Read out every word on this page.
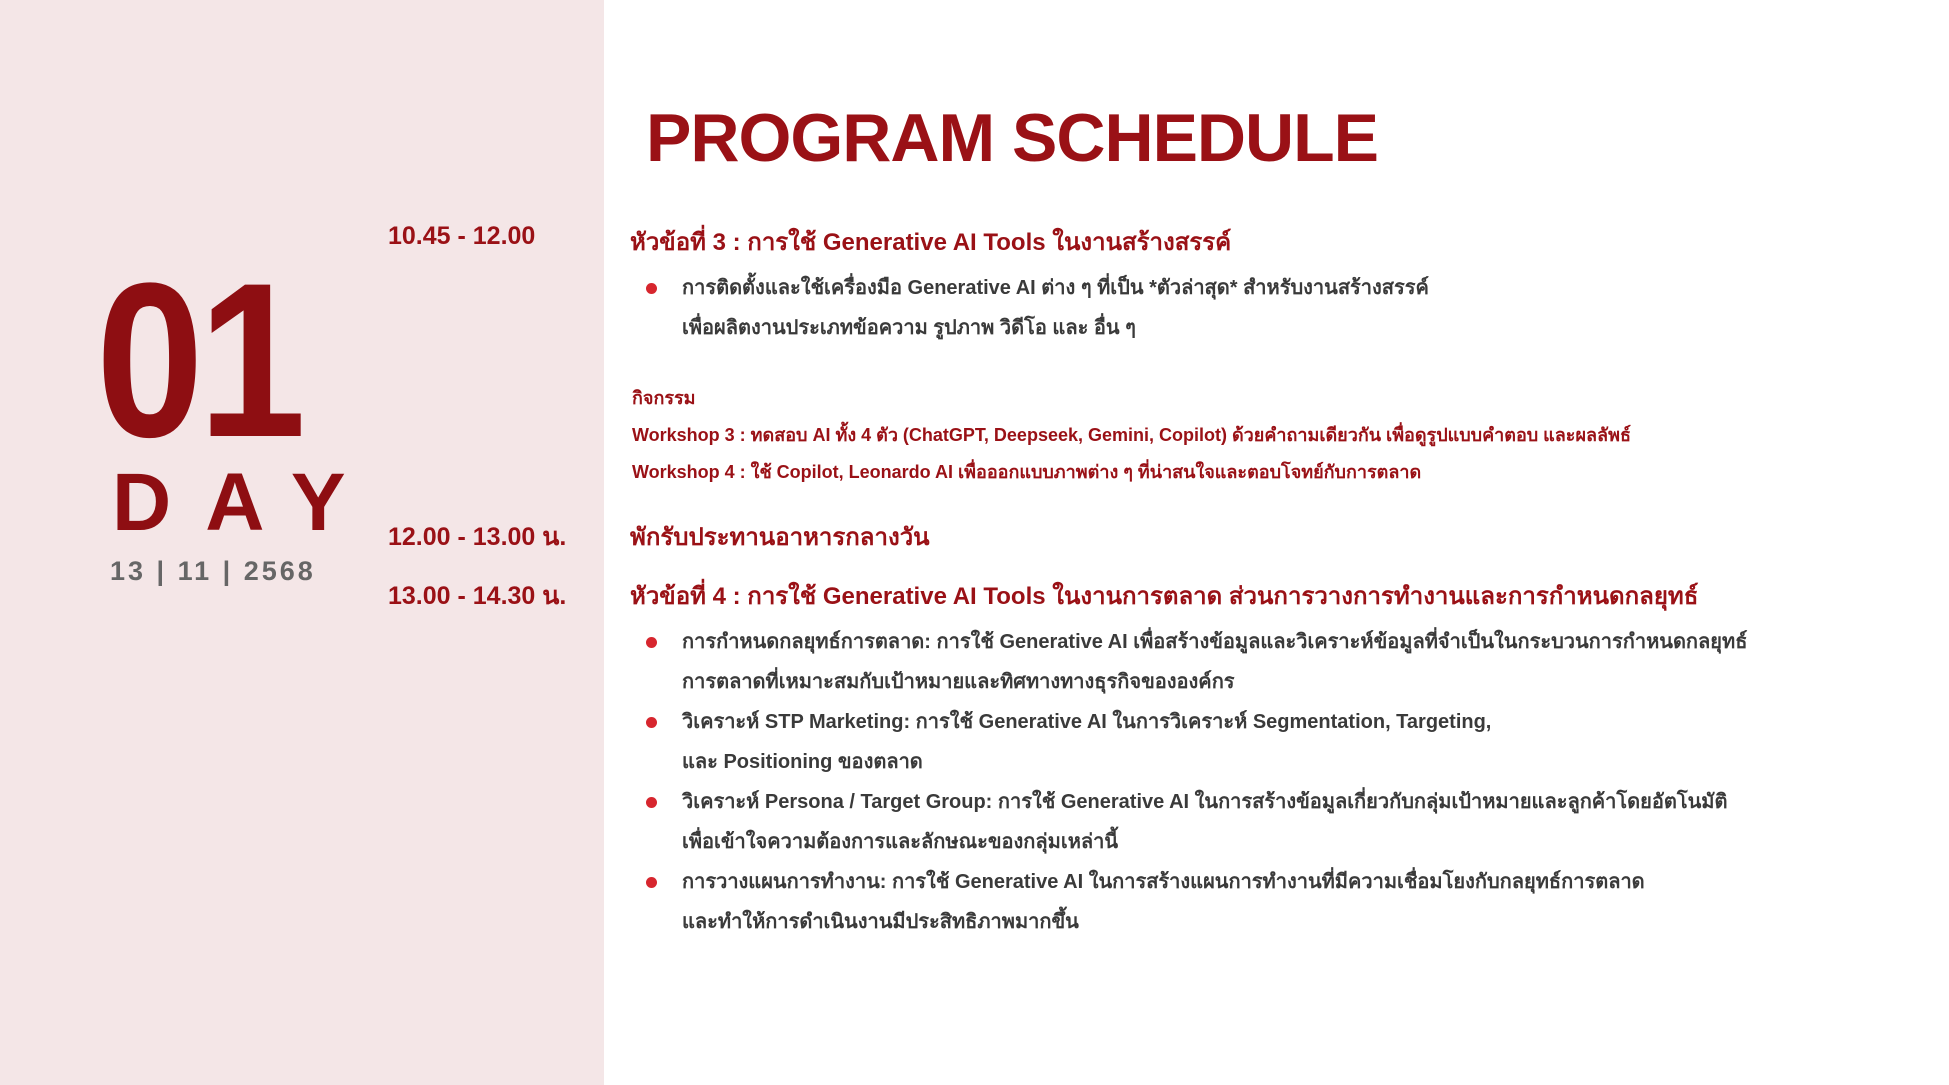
01
DAY
13 | 11 | 2568
PROGRAM SCHEDULE
10.45 - 12.00	หัวข้อที่ 3 : การใช้ Generative AI Tools ในงานสร้างสรรค์
การติดตั้งและใช้เครื่องมือ Generative AI ต่าง ๆ ที่เป็น *ตัวล่าสุด* สำหรับงานสร้างสรรค์
เพื่อผลิตงานประเภทข้อความ รูปภาพ วิดีโอ และ อื่น ๆ
กิจกรรม
Workshop 3 : ทดสอบ AI ทั้ง 4 ตัว (ChatGPT, Deepseek, Gemini, Copilot) ด้วยคำถามเดียวกัน เพื่อดูรูปแบบคำตอบ และผลลัพธ์
Workshop 4 : ใช้ Copilot, Leonardo AI เพื่อออกแบบภาพต่าง ๆ ที่น่าสนใจและตอบโจทย์กับการตลาด
12.00 - 13.00 น.	พักรับประทานอาหารกลางวัน
13.00 - 14.30 น.	หัวข้อที่ 4 : การใช้ Generative AI Tools ในงานการตลาด ส่วนการวางการทำงานและการกำหนดกลยุทธ์
การกำหนดกลยุทธ์การตลาด: การใช้ Generative AI เพื่อสร้างข้อมูลและวิเคราะห์ข้อมูลที่จำเป็นในกระบวนการกำหนดกลยุทธ์
การตลาดที่เหมาะสมกับเป้าหมายและทิศทางทางธุรกิจขององค์กร
วิเคราะห์ STP Marketing: การใช้ Generative AI ในการวิเคราะห์ Segmentation, Targeting,
และ Positioning ของตลาด
วิเคราะห์ Persona / Target Group: การใช้ Generative AI ในการสร้างข้อมูลเกี่ยวกับกลุ่มเป้าหมายและลูกค้าโดยอัตโนมัติ
เพื่อเข้าใจความต้องการและลักษณะของกลุ่มเหล่านี้
การวางแผนการทำงาน: การใช้ Generative AI ในการสร้างแผนการทำงานที่มีความเชื่อมโยงกับกลยุทธ์การตลาด
และทำให้การดำเนินงานมีประสิทธิภาพมากขึ้น
